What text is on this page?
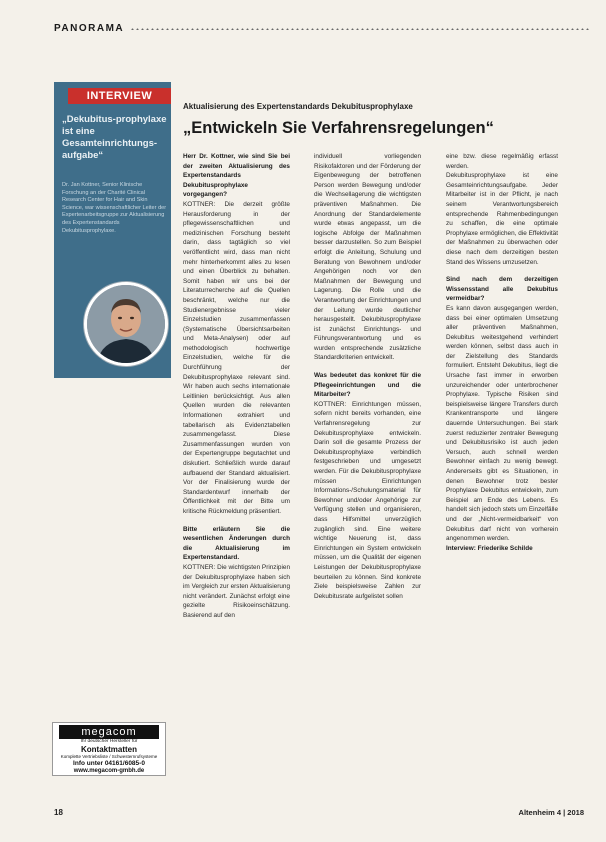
PANORAMA
INTERVIEW
„Dekubitus-prophylaxe ist eine Gesamteinrichtungs-aufgabe“
Dr. Jan Kottner, Senior Klinische Forschung an der Charité Clinical Research Center for Hair and Skin Science, war wissenschaftlicher Leiter der Expertenarbeitsgruppe zur Aktualisierung des Expertenstandards Dekubitusprophylaxe.
Aktualisierung des Expertenstandards Dekubitusprophylaxe
„Entwickeln Sie Verfahrensregelungen“

Herr Dr. Kottner, wie sind Sie bei der zweiten Aktualisierung des Expertenstandards Dekubitusprophylaxe vorgegangen?

KOTTNER: Die derzeit größte Herausforderung in der pflegewissenschaftlichen und medizinischen Forschung besteht darin, dass tagtäglich so viel veröffentlicht wird, dass man nicht mehr hinterherkommt alles zu lesen und einen Überblick zu behalten. Somit haben wir uns bei der Literaturrecherche auf die Quellen beschränkt, welche nur die Studienergebnisse vieler Einzelstudien zusammenfassen (Systematische Übersichtsarbeiten und Meta-Analysen) oder auf methodologisch hochwertige Einzelstudien, welche für die Durchführung der Dekubitusprophylaxe relevant sind. Wir haben auch sechs internationale Leitlinien berücksichtigt. Aus allen Quellen wurden die relevanten Informationen extrahiert und tabellarisch als Evidenztabellen zusammengefasst. Diese Zusammenfassungen wurden von der Expertengruppe begutachtet und diskutiert. Schließlich wurde darauf aufbauend der Standard aktualisiert. Vor der Finalisierung wurde der Standardentwurf innerhalb der Öffentlichkeit mit der Bitte um kritische Rückmeldung präsentiert.

Bitte erläutern Sie die wesentlichen Änderungen durch die Aktualisierung im Expertenstandard.

KOTTNER: Die wichtigsten Prinzipien der Dekubitusprophylaxe haben sich im Vergleich zur ersten Aktualisierung nicht verändert. Zunächst erfolgt eine gezielte Risikoeinschätzung. Basierend auf den

individuell vorliegenden Risikofaktoren und der Förderung der Eigenbewegung der betroffenen Person werden Bewegung und/oder die Wechsellagerung die wichtigsten präventiven Maßnahmen. Die Anordnung der Standardelemente wurde etwas angepasst, um die logische Abfolge der Maßnahmen besser darzustellen. So zum Beispiel erfolgt die Anleitung, Schulung und Beratung von Bewohnern und/oder Angehörigen noch vor den Maßnahmen der Bewegung und Lagerung. Die Rolle und die Verantwortung der Einrichtungen und der Leitung wurde deutlicher herausgestellt. Dekubitusprophylaxe ist zunächst Einrichtungs- und Führungsverantwortung und es wurden entsprechende zusätzliche Standardkriterien entwickelt.

Was bedeutet das konkret für die Pflegeeinrichtungen und die Mitarbeiter?

KOTTNER: Einrichtungen müssen, sofern nicht bereits vorhanden, eine Verfahrensregelung zur Dekubitusprophylaxe entwickeln. Darin soll die gesamte Prozess der Dekubitusprophylaxe verbindlich festgeschrieben und umgesetzt werden. Für die Dekubitusprophylaxe müssen Einrichtungen Informations-/Schulungsmaterial für Bewohner und/oder Angehörige zur Verfügung stellen und organisieren, dass Hilfsmittel unverzüglich zugänglich sind. Eine weitere wichtige Neuerung ist, dass Einrichtungen ein System entwickeln müssen, um die Qualität der eigenen Leistungen der Dekubitusprophylaxe beurteilen zu können. Sind konkrete Ziele beispielsweise Zahlen zur Dekubitusrate aufgelistet sollen

eine bzw. diese regelmäßig erfasst werden.

Dekubitusprophylaxe ist eine Gesamteinrichtungsaufgabe. Jeder Mitarbeiter ist in der Pflicht, je nach seinem Verantwortungsbereich entsprechende Rahmenbedingungen zu schaffen, die eine optimale Prophylaxe ermöglichen, die Effektivität der Maßnahmen zu überwachen oder diese nach dem derzeitigen besten Stand des Wissens umzusetzen.

Sind nach dem derzeitigen Wissensstand alle Dekubitus vermeidbar?

Es kann davon ausgegangen werden, dass bei einer optimalen Umsetzung aller präventiven Maßnahmen, Dekubitus weitestgehend verhindert werden können, selbst dass auch in der Zielstellung des Standards formuliert. Entsteht Dekubitus, liegt die Ursache fast immer in erworben unzureichender oder unterbrochener Prophylaxe. Typische Risiken sind beispielsweise längere Transfers durch Krankentransporte und längere dauernde Untersuchungen. Bei stark zuerst reduzierter zentraler Bewegung und Dekubitusrisiko ist auch jeden Versuch, auch schnell werden Bewohner einfach zu wenig bewegt. Andererseits gibt es Situationen, in denen Bewohner trotz bester Prophylaxe Dekubitus entwickeln, zum Beispiel am Ende des Lebens. Es handelt sich jedoch stets um Einzelfälle und der „Nicht-vermeidbarkeit“ von Dekubitus darf nicht von vorherein angenommen werden.

Interview: Friederike Schilde

megacom
Ihr deutscher Hersteller für
Kontaktmatten
Komplette Vertriebsliste / Schwesternrufsysteme
Info unter 04161/6085-0
www.megacom-gmbh.de
18	Altenheim 4 | 2018
